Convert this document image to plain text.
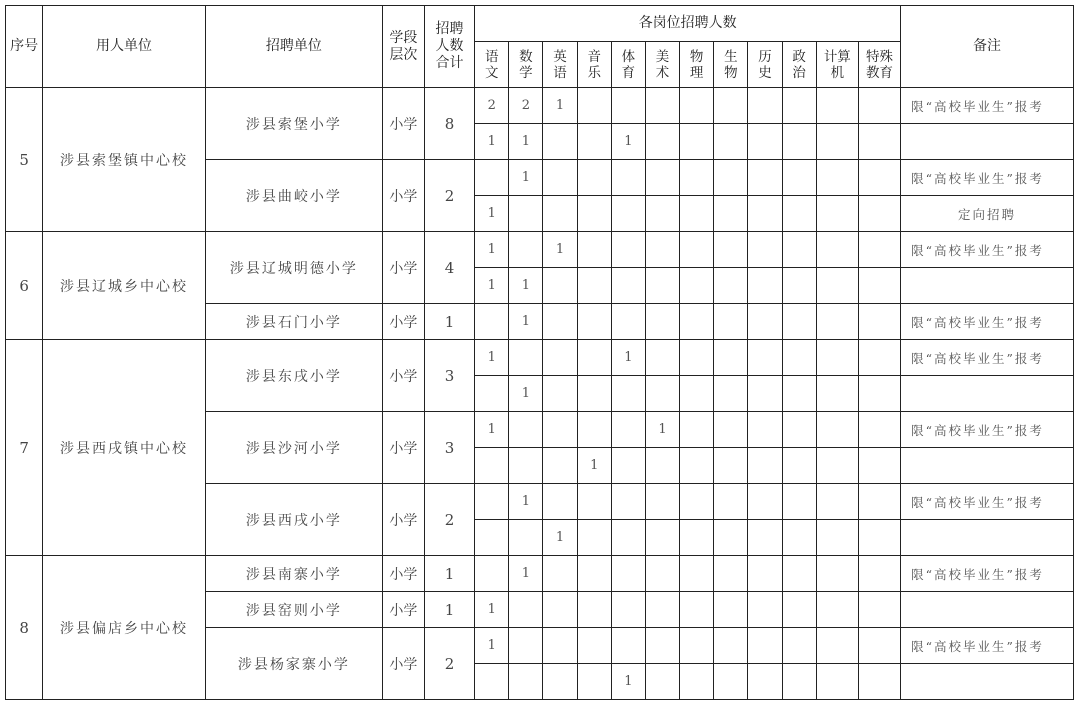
序号	用人单位	招聘单位	学段层次	招聘人数合计	各岗位招聘人数												备注

					语文	数学	英语	音乐	体育	美术	物理	生物	历史	政治	计算机	特殊教育	

5	涉县索堡镇中心校	涉县索堡小学	小学	8	2	2	1										限“高校毕业生”报考
					1	1			1								
		涉县曲峧小学	小学	2		1											限“高校毕业生”报考
					1												定向招聘
6	涉县辽城乡中心校	涉县辽城明德小学	小学	4	1		1										限“高校毕业生”报考
					1	1											
		涉县石门小学	小学	1		1											限“高校毕业生”报考
7	涉县西戌镇中心校	涉县东戌小学	小学	3	1				1								限“高校毕业生”报考
						1											
		涉县沙河小学	小学	3	1					1							限“高校毕业生”报考
								1									
		涉县西戌小学	小学	2		1											限“高校毕业生”报考
							1										
8	涉县偏店乡中心校	涉县南寨小学	小学	1		1											限“高校毕业生”报考
		涉县窑则小学	小学	1	1												
		涉县杨家寨小学	小学	2	1												限“高校毕业生”报考
									1								
